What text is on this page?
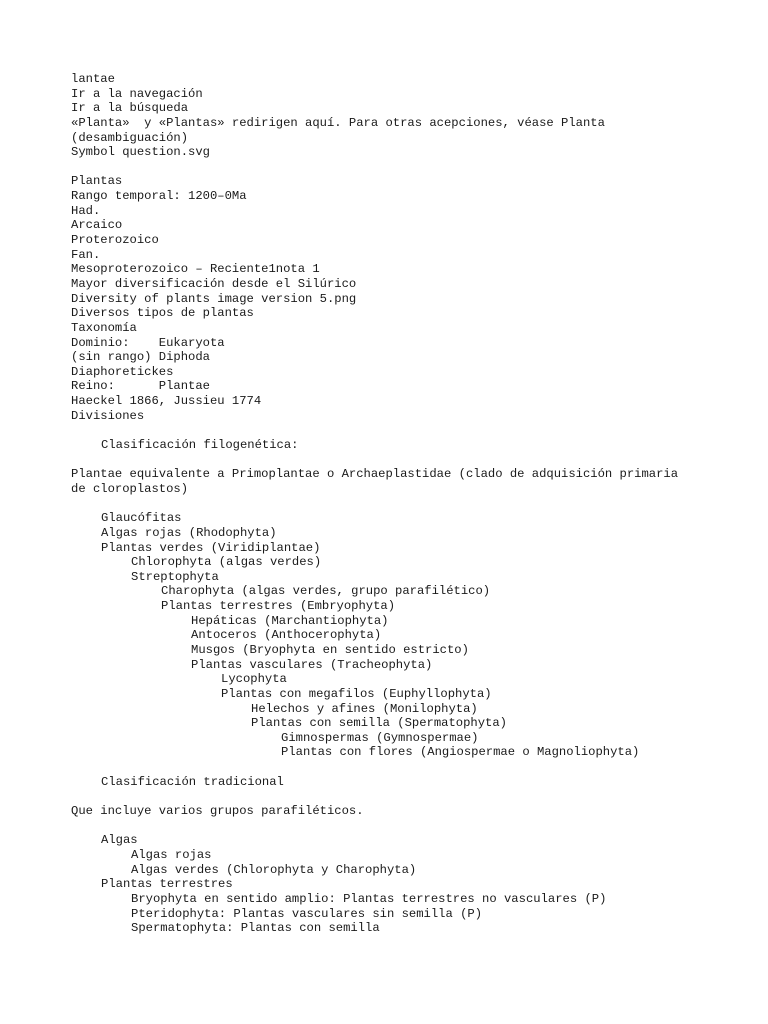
lantae
Ir a la navegación
Ir a la búsqueda
«Planta»  y «Plantas» redirigen aquí. Para otras acepciones, véase Planta
(desambiguación)
Symbol question.svg
Plantas
Rango temporal: 1200–0Ma
Had.
Arcaico
Proterozoico
Fan.
Mesoproterozoico – Reciente1nota 1
Mayor diversificación desde el Silúrico
Diversity of plants image version 5.png
Diversos tipos de plantas
Taxonomía
Dominio:    Eukaryota
(sin rango) Diphoda
Diaphoretickes
Reino:      Plantae
Haeckel 1866, Jussieu 1774
Divisiones
Clasificación filogenética:
Plantae equivalente a Primoplantae o Archaeplastidae (clado de adquisición primaria
de cloroplastos)
Glaucófitas
Algas rojas (Rhodophyta)
Plantas verdes (Viridiplantae)
Chlorophyta (algas verdes)
Streptophyta
Charophyta (algas verdes, grupo parafilético)
Plantas terrestres (Embryophyta)
Hepáticas (Marchantiophyta)
Antoceros (Anthocerophyta)
Musgos (Bryophyta en sentido estricto)
Plantas vasculares (Tracheophyta)
Lycophyta
Plantas con megafilos (Euphyllophyta)
Helechos y afines (Monilophyta)
Plantas con semilla (Spermatophyta)
Gimnospermas (Gymnospermae)
Plantas con flores (Angiospermae o Magnoliophyta)
Clasificación tradicional
Que incluye varios grupos parafiléticos.
Algas
Algas rojas
Algas verdes (Chlorophyta y Charophyta)
Plantas terrestres
Bryophyta en sentido amplio: Plantas terrestres no vasculares (P)
Pteridophyta: Plantas vasculares sin semilla (P)
Spermatophyta: Plantas con semilla
